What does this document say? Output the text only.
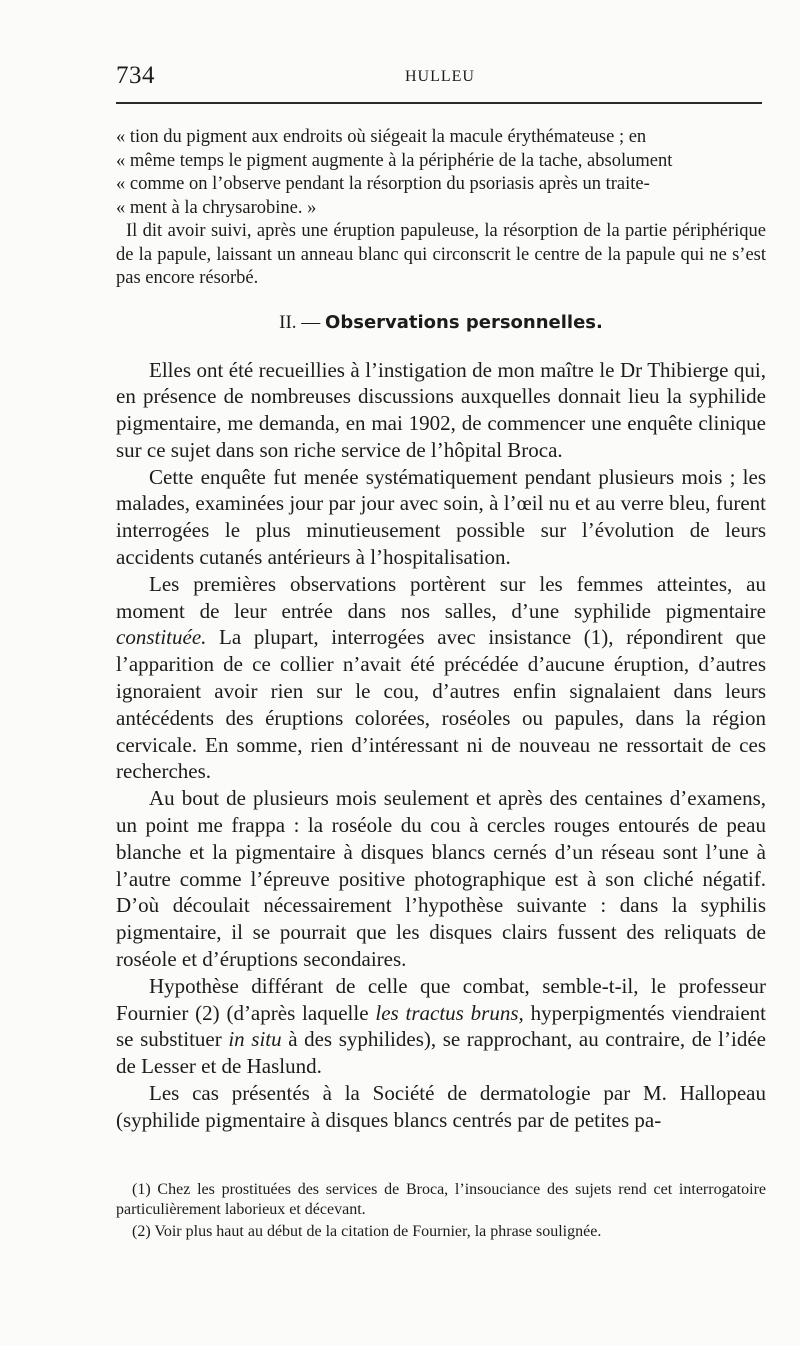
734	HULLEU
« tion du pigment aux endroits où siégeait la macule érythémateuse ; en
« même temps le pigment augmente à la périphérie de la tache, absolument
« comme on l’observe pendant la résorption du psoriasis après un traite-
« ment à la chrysarobine. »

Il dit avoir suivi, après une éruption papuleuse, la résorption de la partie périphérique de la papule, laissant un anneau blanc qui circonscrit le centre de la papule qui ne s’est pas encore résorbé.

II. — Observations personnelles.

Elles ont été recueillies à l’instigation de mon maître le Dr Thibierge qui, en présence de nombreuses discussions auxquelles donnait lieu la syphilide pigmentaire, me demanda, en mai 1902, de commencer une enquête clinique sur ce sujet dans son riche service de l’hôpital Broca.

Cette enquête fut menée systématiquement pendant plusieurs mois ; les malades, examinées jour par jour avec soin, à l’œil nu et au verre bleu, furent interrogées le plus minutieusement possible sur l’évolution de leurs accidents cutanés antérieurs à l’hospitalisation.

Les premières observations portèrent sur les femmes atteintes, au moment de leur entrée dans nos salles, d’une syphilide pigmentaire constituée. La plupart, interrogées avec insistance (1), répondirent que l’apparition de ce collier n’avait été précédée d’aucune éruption, d’autres ignoraient avoir rien sur le cou, d’autres enfin signalaient dans leurs antécédents des éruptions colorées, roséoles ou papules, dans la région cervicale. En somme, rien d’intéressant ni de nouveau ne ressortait de ces recherches.

Au bout de plusieurs mois seulement et après des centaines d’examens, un point me frappa : la roséole du cou à cercles rouges entourés de peau blanche et la pigmentaire à disques blancs cernés d’un réseau sont l’une à l’autre comme l’épreuve positive photographique est à son cliché négatif. D’où découlait nécessairement l’hypothèse suivante : dans la syphilis pigmentaire, il se pourrait que les disques clairs fussent des reliquats de roséole et d’éruptions secondaires.

Hypothèse différant de celle que combat, semble-t-il, le professeur Fournier (2) (d’après laquelle les tractus bruns, hyperpigmentés viendraient se substituer in situ à des syphilides), se rapprochant, au contraire, de l’idée de Lesser et de Haslund.

Les cas présentés à la Société de dermatologie par M. Hallopeau (syphilide pigmentaire à disques blancs centrés par de petites pa-

(1) Chez les prostituées des services de Broca, l’insouciance des sujets rend cet interrogatoire particulièrement laborieux et décevant.

(2) Voir plus haut au début de la citation de Fournier, la phrase soulignée.
